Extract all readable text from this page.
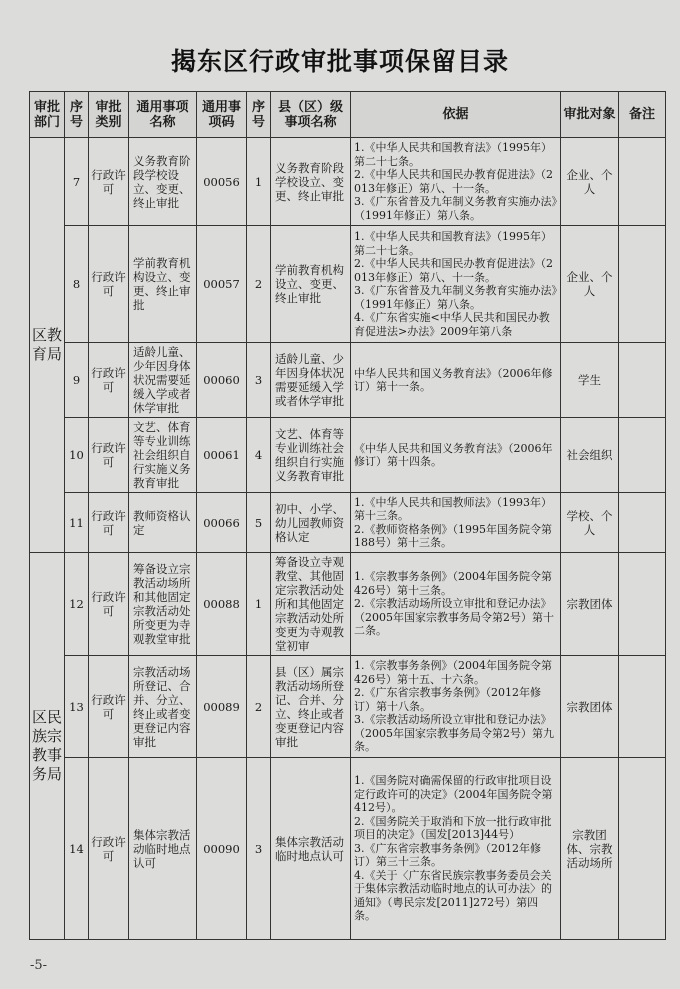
揭东区行政审批事项保留目录
审批部门	序号	审批类别	通用事项名称	通用事项码	序号	县（区）级事项名称	依据	审批对象	备注
区教育局	7	行政许可	义务教育阶段学校设立、变更、终止审批	00056	1	义务教育阶段学校设立、变更、终止审批	1.《中华人民共和国教育法》（1995年）第二十七条。
2.《中华人民共和国民办教育促进法》（2013年修正）第八、十一条。
3.《广东省普及九年制义务教育实施办法》（1991年修正）第八条。	企业、个人	
	8	行政许可	学前教育机构设立、变更、终止审批	00057	2	学前教育机构设立、变更、终止审批	1.《中华人民共和国教育法》（1995年）第二十七条。
2.《中华人民共和国民办教育促进法》（2013年修正）第八、十一条。
3.《广东省普及九年制义务教育实施办法》（1991年修正）第八条。
4.《广东省实施<中华人民共和国民办教育促进法>办法》2009年第八条	企业、个人	
	9	行政许可	适龄儿童、少年因身体状况需要延缓入学或者休学审批	00060	3	适龄儿童、少年因身体状况需要延缓入学或者休学审批	中华人民共和国义务教育法》（2006年修订）第十一条。	学生	
	10	行政许可	文艺、体育等专业训练社会组织自行实施义务教育审批	00061	4	文艺、体育等专业训练社会组织自行实施义务教育审批	《中华人民共和国义务教育法》（2006年修订）第十四条。	社会组织	
	11	行政许可	教师资格认定	00066	5	初中、小学、幼儿园教师资格认定	1.《中华人民共和国教师法》（1993年）第十三条。
2.《教师资格条例》（1995年国务院令第188号）第十三条。	学校、个人	
区民族宗教事务局	12	行政许可	筹备设立宗教活动场所和其他固定宗教活动处所变更为寺观教堂审批	00088	1	筹备设立寺观教堂、其他固定宗教活动处所和其他固定宗教活动处所变更为寺观教堂初审	1.《宗教事务条例》（2004年国务院令第426号）第十三条。
2.《宗教活动场所设立审批和登记办法》（2005年国家宗教事务局令第2号）第十二条。	宗教团体	
	13	行政许可	宗教活动场所登记、合并、分立、终止或者变更登记内容审批	00089	2	县（区）属宗教活动场所登记、合并、分立、终止或者变更登记内容审批	1.《宗教事务条例》（2004年国务院令第426号）第十五、十六条。
2.《广东省宗教事务条例》（2012年修订）第十八条。
3.《宗教活动场所设立审批和登记办法》（2005年国家宗教事务局令第2号）第九条。	宗教团体	
	14	行政许可	集体宗教活动临时地点认可	00090	3	集体宗教活动临时地点认可	1.《国务院对确需保留的行政审批项目设定行政许可的决定》（2004年国务院令第412号）。
2.《国务院关于取消和下放一批行政审批项目的决定》（国发[2013]44号）
3.《广东省宗教事务条例》（2012年修订）第三十三条。
4.《关于〈广东省民族宗教事务委员会关于集体宗教活动临时地点的认可办法〉的通知》（粤民宗发[2011]272号）第四条。	宗教团体、宗教活动场所	
-5-
